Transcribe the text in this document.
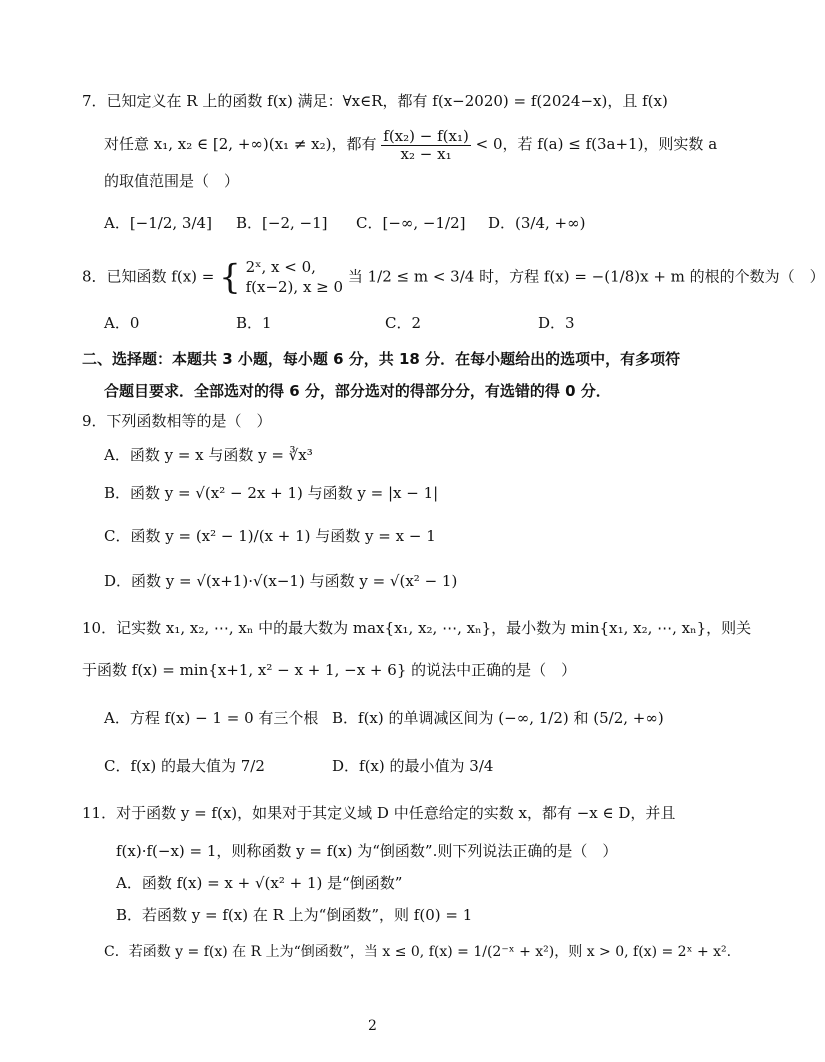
7．已知定义在 R 上的函数 f(x) 满足：∀x∈R，都有 f(x−2020) = f(2024−x)，且 f(x)
对任意 x₁, x₂ ∈ [2, +∞)(x₁ ≠ x₂)，都有 $\frac{\text{f(x₂) − f(x₁)}}{\text{x₂ − x₁}} < 0$，若 f(a) ≤ f(3a+1)，则实数 a
的取值范围是（　）
A．[−1/2, 3/4] B．[−2, −1] C．[−∞, −1/2] D．(3/4, +∞)
8．已知函数 f(x) = { 2ˣ, x < 0,
f(x−2), x ≥ 0
当 1/2 ≤ m < 3/4 时，方程 f(x) = −(1/8)x + m 的根的个数为（　）
A．0	B．1	C．2	D．3
二、选择题：本题共 3 小题，每小题 6 分，共 18 分．在每小题给出的选项中，有多项符
合题目要求．全部选对的得 6 分，部分选对的得部分分，有选错的得 0 分．
9．下列函数相等的是（　）
A．函数 y = x 与函数 y = ∛x³
B．函数 y = √(x² − 2x + 1) 与函数 y = |x − 1|
C．函数 y = (x² − 1)/(x + 1) 与函数 y = x − 1
D．函数 y = √(x+1)·√(x−1) 与函数 y = √(x² − 1)
10．记实数 x₁, x₂, ⋯, xₙ 中的最大数为 max{x₁, x₂, ⋯, xₙ}，最小数为 min{x₁, x₂, ⋯, xₙ}，则关
于函数 f(x) = min{x+1, x² − x + 1, −x + 6} 的说法中正确的是（　）
A．方程 f(x) − 1 = 0 有三个根 B．f(x) 的单调减区间为 (−∞, 1/2) 和 (5/2, +∞)
C．f(x) 的最大值为 7/2	D．f(x) 的最小值为 3/4
11．对于函数 y = f(x)，如果对于其定义域 D 中任意给定的实数 x，都有 −x ∈ D，并且
f(x)·f(−x) = 1，则称函数 y = f(x) 为“倒函数”.则下列说法正确的是（　）
A．函数 f(x) = x + √(x² + 1) 是“倒函数”
B．若函数 y = f(x) 在 R 上为“倒函数”，则 f(0) = 1
C．若函数 y = f(x) 在 R 上为“倒函数”，当 x ≤ 0, f(x) = 1/(2⁻ˣ + x²)，则 x > 0, f(x) = 2ˣ + x².
2
